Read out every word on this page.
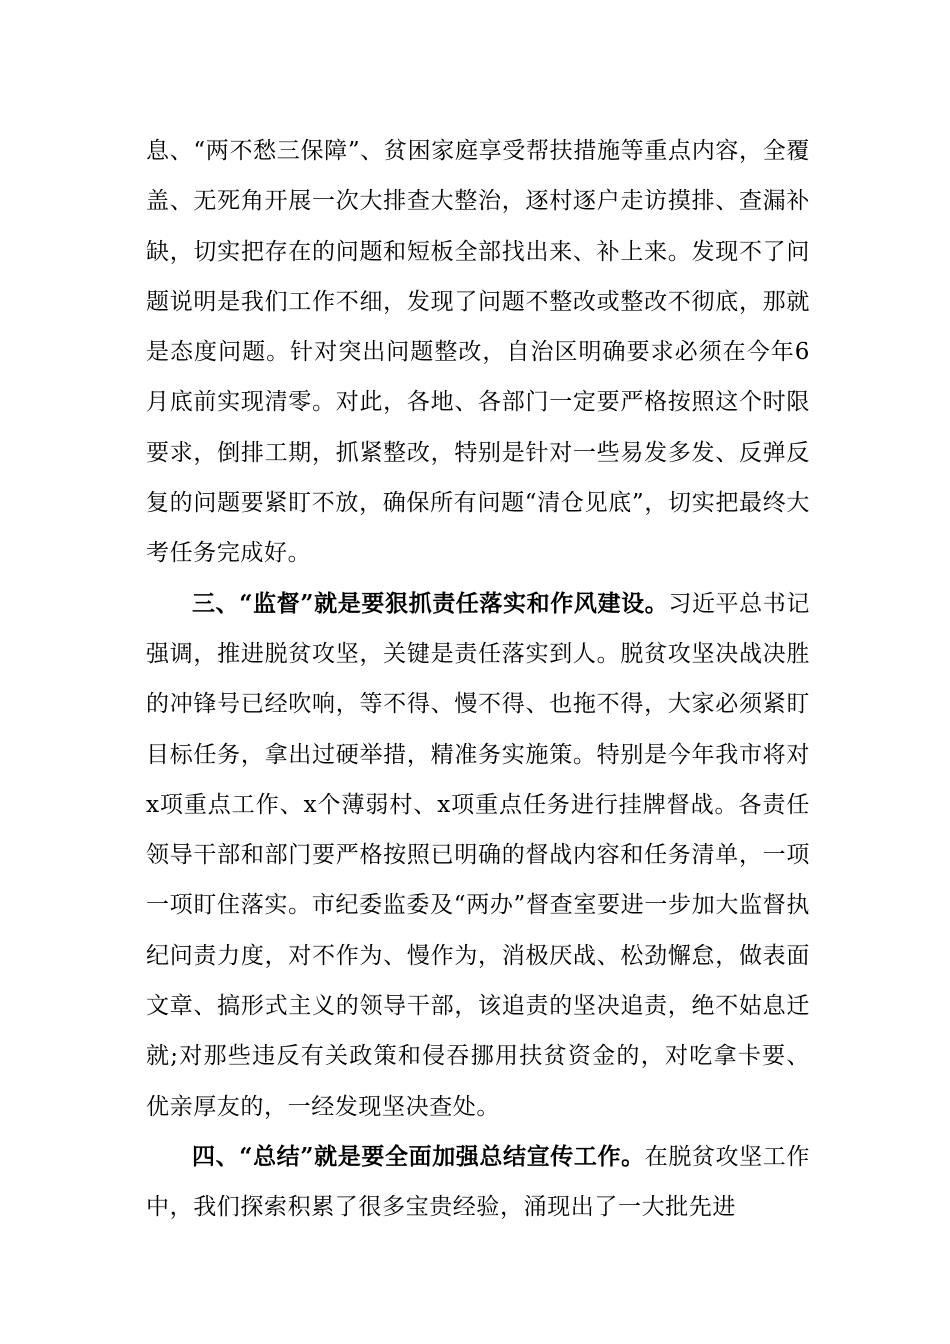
息、“两不愁三保障”、贫困家庭享受帮扶措施等重点内容，全覆盖、无死角开展一次大排查大整治，逐村逐户走访摸排、查漏补缺，切实把存在的问题和短板全部找出来、补上来。发现不了问题说明是我们工作不细，发现了问题不整改或整改不彻底，那就是态度问题。针对突出问题整改，自治区明确要求必须在今年6月底前实现清零。对此，各地、各部门一定要严格按照这个时限要求，倒排工期，抓紧整改，特别是针对一些易发多发、反弹反复的问题要紧盯不放，确保所有问题“清仓见底”，切实把最终大考任务完成好。

三、“监督”就是要狠抓责任落实和作风建设。习近平总书记强调，推进脱贫攻坚，关键是责任落实到人。脱贫攻坚决战决胜的冲锋号已经吹响，等不得、慢不得、也拖不得，大家必须紧盯目标任务，拿出过硬举措，精准务实施策。特别是今年我市将对x项重点工作、x个薄弱村、x项重点任务进行挂牌督战。各责任领导干部和部门要严格按照已明确的督战内容和任务清单，一项一项盯住落实。市纪委监委及“两办”督查室要进一步加大监督执纪问责力度，对不作为、慢作为，消极厌战、松劲懈怠，做表面文章、搞形式主义的领导干部，该追责的坚决追责，绝不姑息迁就;对那些违反有关政策和侵吞挪用扶贫资金的，对吃拿卡要、优亲厚友的，一经发现坚决查处。

四、“总结”就是要全面加强总结宣传工作。在脱贫攻坚工作中，我们探索积累了很多宝贵经验，涌现出了一大批先进
